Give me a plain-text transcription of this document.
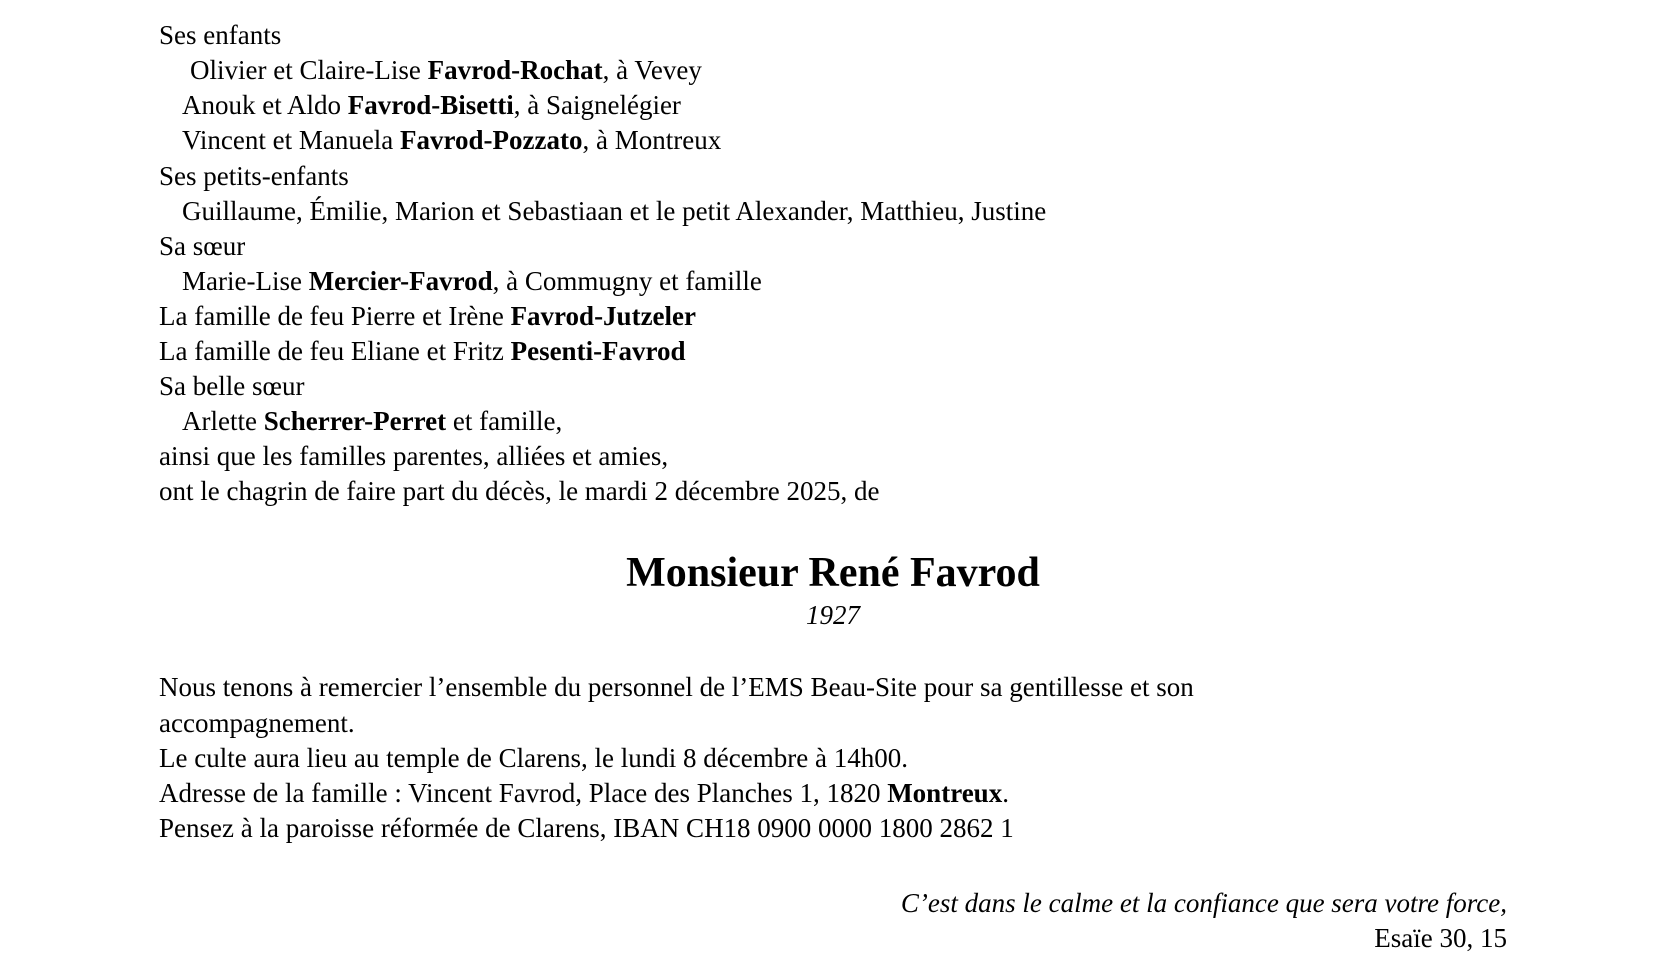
Ses enfants
Olivier et Claire-Lise Favrod-Rochat, à Vevey
Anouk et Aldo Favrod-Bisetti, à Saignelégier
Vincent et Manuela Favrod-Pozzato, à Montreux
Ses petits-enfants
Guillaume, Émilie, Marion et Sebastiaan et le petit Alexander, Matthieu, Justine
Sa sœur
Marie-Lise Mercier-Favrod, à Commugny et famille
La famille de feu Pierre et Irène Favrod-Jutzeler
La famille de feu Eliane et Fritz Pesenti-Favrod
Sa belle sœur
Arlette Scherrer-Perret et famille,
ainsi que les familles parentes, alliées et amies,
ont le chagrin de faire part du décès, le mardi 2 décembre 2025, de
Monsieur René Favrod
1927
Nous tenons à remercier l’ensemble du personnel de l’EMS Beau-Site pour sa gentillesse et son
accompagnement.
Le culte aura lieu au temple de Clarens, le lundi 8 décembre à 14h00.
Adresse de la famille : Vincent Favrod, Place des Planches 1, 1820 Montreux.
Pensez à la paroisse réformée de Clarens, IBAN CH18 0900 0000 1800 2862 1
C’est dans le calme et la confiance que sera votre force,
Esaïe 30, 15
